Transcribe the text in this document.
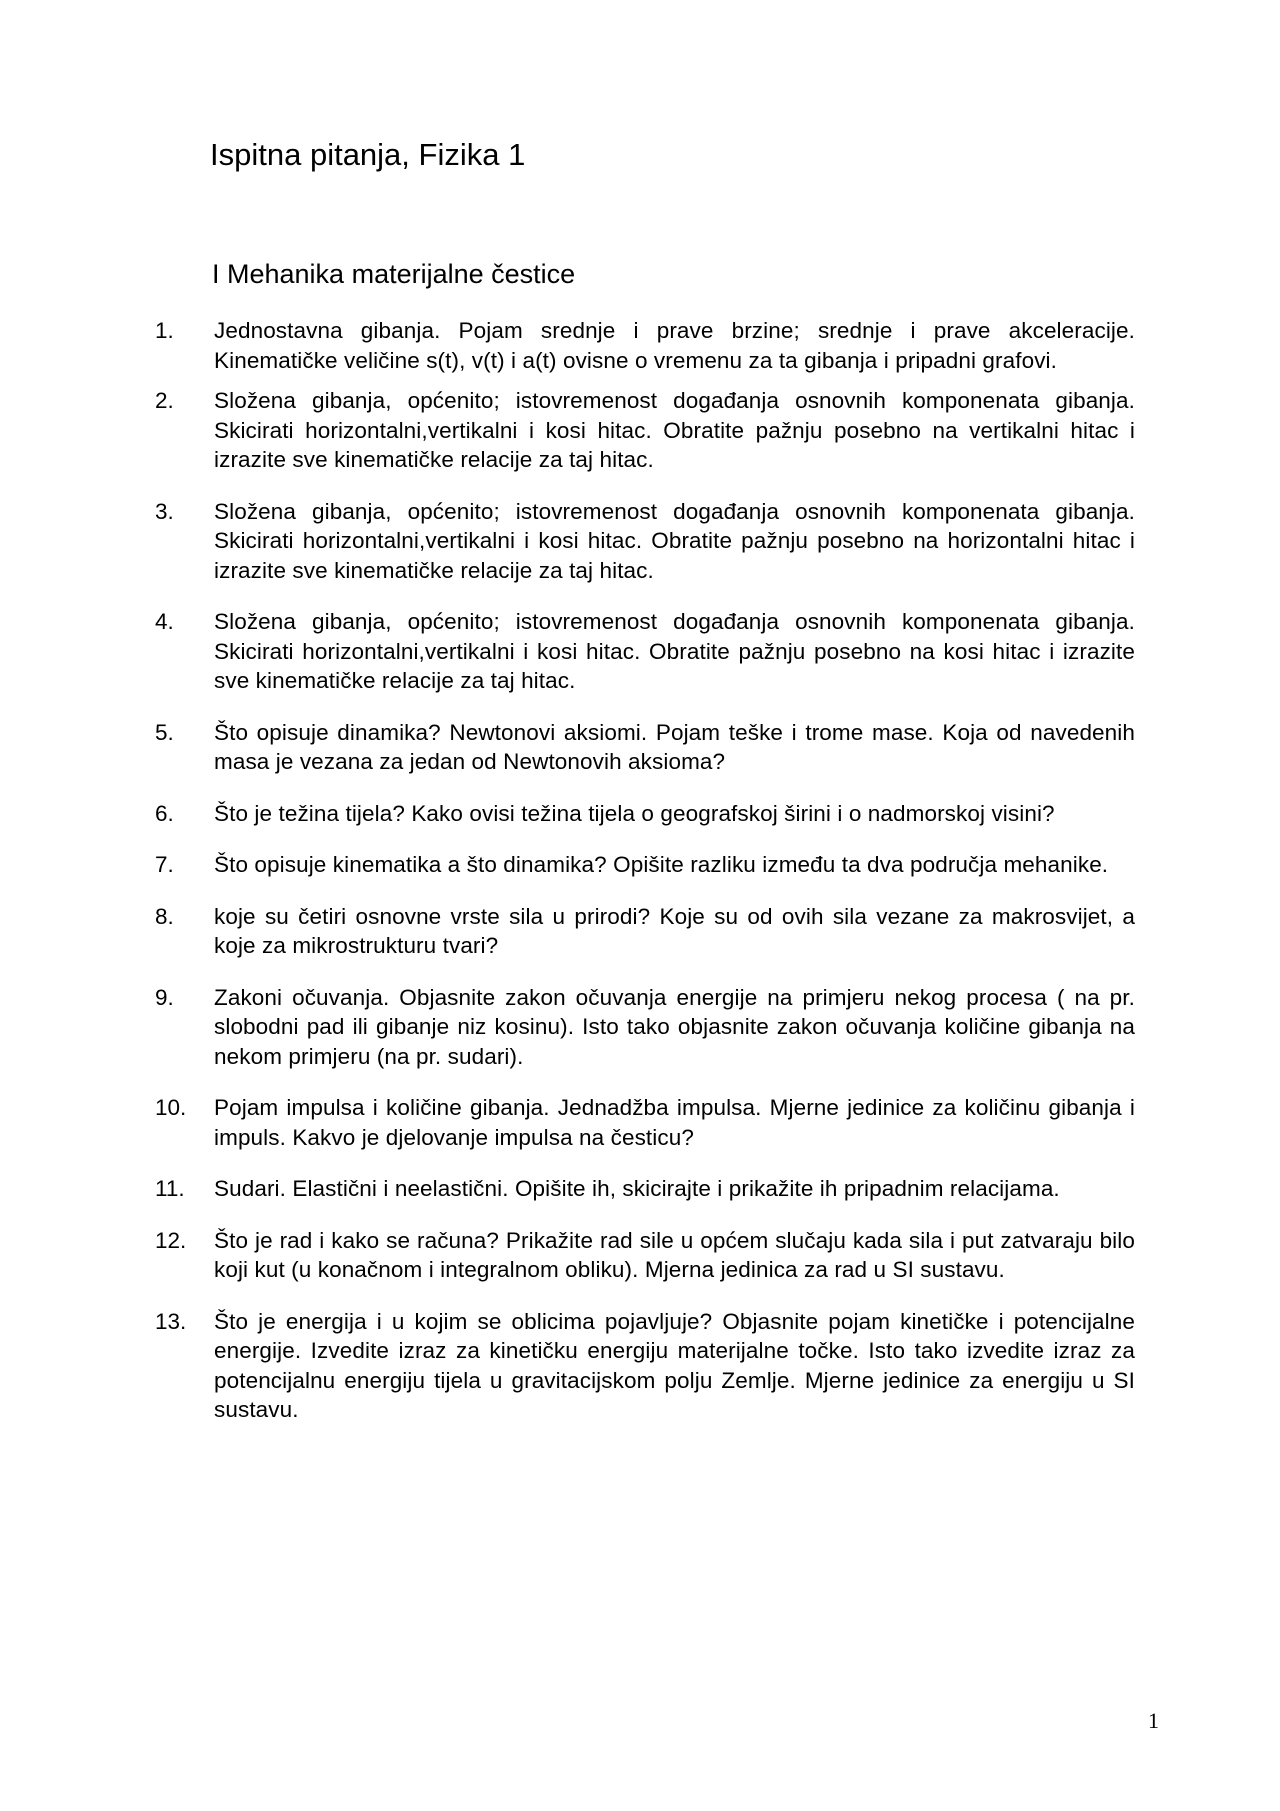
Ispitna pitanja, Fizika 1
I Mehanika materijalne čestice
1. Jednostavna gibanja. Pojam srednje i prave brzine; srednje i prave akceleracije. Kinematičke veličine s(t), v(t) i a(t) ovisne o vremenu za ta gibanja i pripadni grafovi.
2. Složena gibanja, općenito; istovremenost događanja osnovnih komponenata gibanja. Skicirati horizontalni,vertikalni i kosi hitac. Obratite pažnju posebno na vertikalni hitac i izrazite sve kinematičke relacije za taj hitac.
3. Složena gibanja, općenito; istovremenost događanja osnovnih komponenata gibanja. Skicirati horizontalni,vertikalni i kosi hitac. Obratite pažnju posebno na horizontalni hitac i izrazite sve kinematičke relacije za taj hitac.
4. Složena gibanja, općenito; istovremenost događanja osnovnih komponenata gibanja. Skicirati horizontalni,vertikalni i kosi hitac. Obratite pažnju posebno na kosi hitac i izrazite sve kinematičke relacije za taj hitac.
5. Što opisuje dinamika? Newtonovi aksiomi. Pojam teške i trome mase. Koja od navedenih masa je vezana za jedan od Newtonovih aksioma?
6. Što je težina tijela? Kako ovisi težina tijela o geografskoj širini i o nadmorskoj visini?
7. Što opisuje kinematika a što dinamika? Opišite razliku između ta dva područja mehanike.
8. koje su četiri osnovne vrste sila u prirodi? Koje su od ovih sila vezane za makrosvijet, a koje za mikrostrukturu tvari?
9. Zakoni očuvanja. Objasnite zakon očuvanja energije na primjeru nekog procesa ( na pr. slobodni pad ili gibanje niz kosinu). Isto tako objasnite zakon očuvanja količine gibanja na nekom primjeru (na pr. sudari).
10. Pojam impulsa i količine gibanja. Jednadžba impulsa. Mjerne jedinice za količinu gibanja i impuls. Kakvo je djelovanje impulsa na česticu?
11. Sudari. Elastični i neelastični. Opišite ih, skicirajte i prikažite ih pripadnim relacijama.
12. Što je rad i kako se računa? Prikažite rad sile u općem slučaju kada sila i put zatvaraju bilo koji kut (u konačnom i integralnom obliku). Mjerna jedinica za rad u SI sustavu.
13. Što je energija i u kojim se oblicima pojavljuje? Objasnite pojam kinetičke i potencijalne energije. Izvedite izraz za kinetičku energiju materijalne točke. Isto tako izvedite izraz za potencijalnu energiju tijela u gravitacijskom polju Zemlje. Mjerne jedinice za energiju u SI sustavu.
1
